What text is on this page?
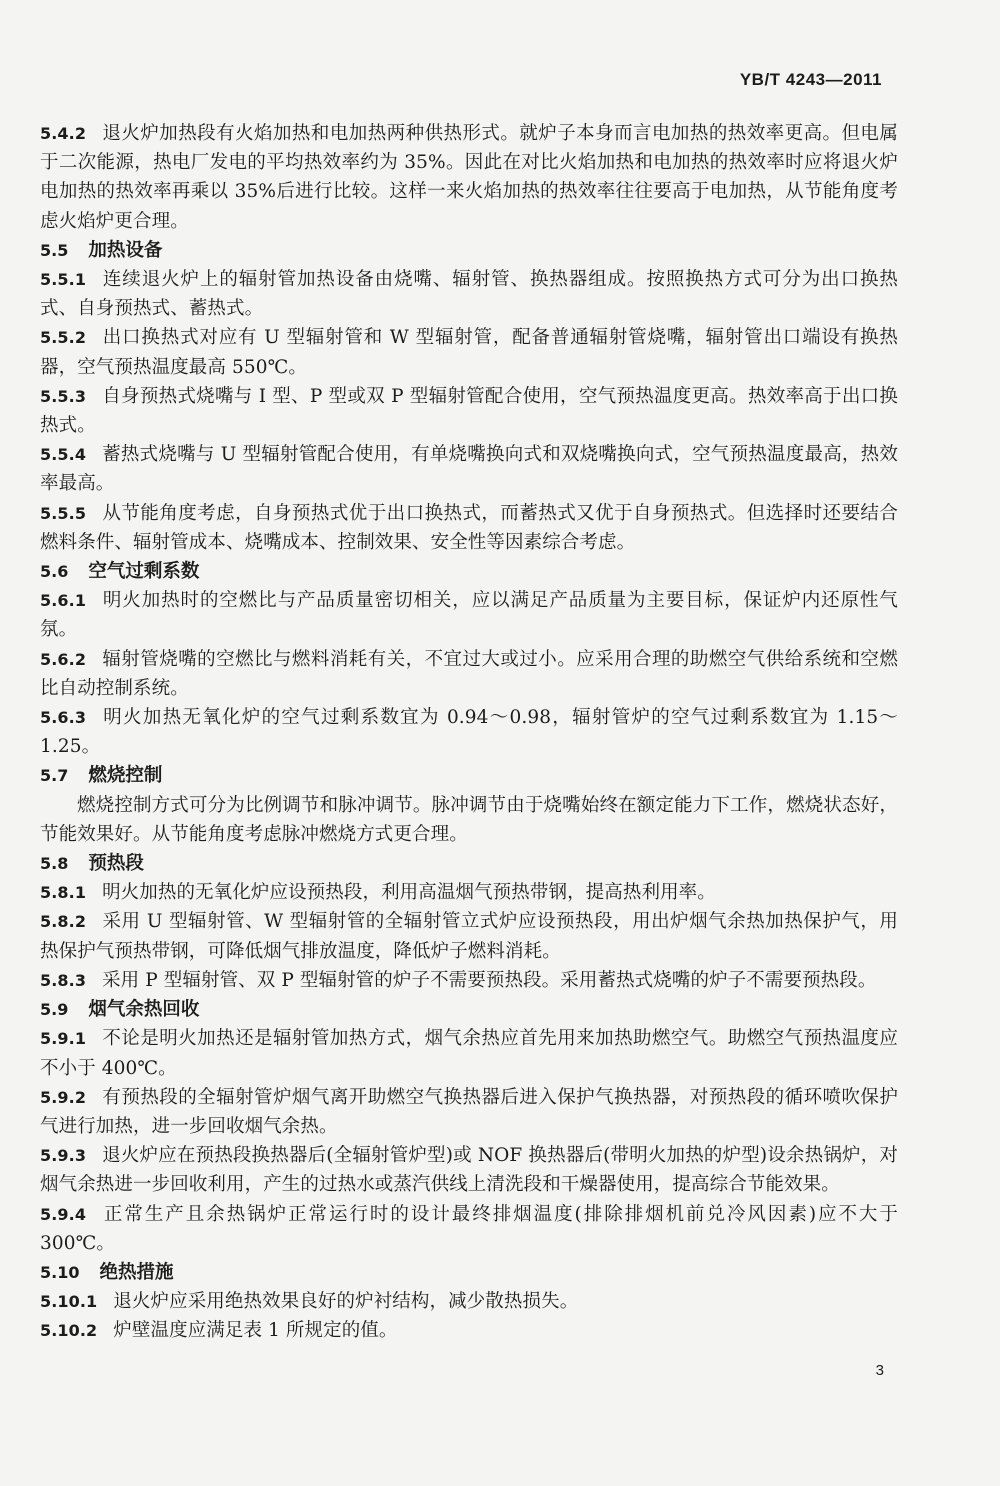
YB/T 4243—2011

5.4.2 退火炉加热段有火焰加热和电加热两种供热形式。就炉子本身而言电加热的热效率更高。但电属于二次能源，热电厂发电的平均热效率约为 35%。因此在对比火焰加热和电加热的热效率时应将退火炉电加热的热效率再乘以 35%后进行比较。这样一来火焰加热的热效率往往要高于电加热，从节能角度考虑火焰炉更合理。

5.5 加热设备

5.5.1 连续退火炉上的辐射管加热设备由烧嘴、辐射管、换热器组成。按照换热方式可分为出口换热式、自身预热式、蓄热式。

5.5.2 出口换热式对应有 U 型辐射管和 W 型辐射管，配备普通辐射管烧嘴，辐射管出口端设有换热器，空气预热温度最高 550℃。

5.5.3 自身预热式烧嘴与 I 型、P 型或双 P 型辐射管配合使用，空气预热温度更高。热效率高于出口换热式。

5.5.4 蓄热式烧嘴与 U 型辐射管配合使用，有单烧嘴换向式和双烧嘴换向式，空气预热温度最高，热效率最高。

5.5.5 从节能角度考虑，自身预热式优于出口换热式，而蓄热式又优于自身预热式。但选择时还要结合燃料条件、辐射管成本、烧嘴成本、控制效果、安全性等因素综合考虑。

5.6 空气过剩系数

5.6.1 明火加热时的空燃比与产品质量密切相关，应以满足产品质量为主要目标，保证炉内还原性气氛。

5.6.2 辐射管烧嘴的空燃比与燃料消耗有关，不宜过大或过小。应采用合理的助燃空气供给系统和空燃比自动控制系统。

5.6.3 明火加热无氧化炉的空气过剩系数宜为 0.94～0.98，辐射管炉的空气过剩系数宜为 1.15～1.25。

5.7 燃烧控制

燃烧控制方式可分为比例调节和脉冲调节。脉冲调节由于烧嘴始终在额定能力下工作，燃烧状态好，节能效果好。从节能角度考虑脉冲燃烧方式更合理。

5.8 预热段

5.8.1 明火加热的无氧化炉应设预热段，利用高温烟气预热带钢，提高热利用率。

5.8.2 采用 U 型辐射管、W 型辐射管的全辐射管立式炉应设预热段，用出炉烟气余热加热保护气，用热保护气预热带钢，可降低烟气排放温度，降低炉子燃料消耗。

5.8.3 采用 P 型辐射管、双 P 型辐射管的炉子不需要预热段。采用蓄热式烧嘴的炉子不需要预热段。

5.9 烟气余热回收

5.9.1 不论是明火加热还是辐射管加热方式，烟气余热应首先用来加热助燃空气。助燃空气预热温度应不小于 400℃。

5.9.2 有预热段的全辐射管炉烟气离开助燃空气换热器后进入保护气换热器，对预热段的循环喷吹保护气进行加热，进一步回收烟气余热。

5.9.3 退火炉应在预热段换热器后(全辐射管炉型)或 NOF 换热器后(带明火加热的炉型)设余热锅炉，对烟气余热进一步回收利用，产生的过热水或蒸汽供线上清洗段和干燥器使用，提高综合节能效果。

5.9.4 正常生产且余热锅炉正常运行时的设计最终排烟温度(排除排烟机前兑冷风因素)应不大于 300℃。

5.10 绝热措施

5.10.1 退火炉应采用绝热效果良好的炉衬结构，减少散热损失。

5.10.2 炉壁温度应满足表 1 所规定的值。

3
